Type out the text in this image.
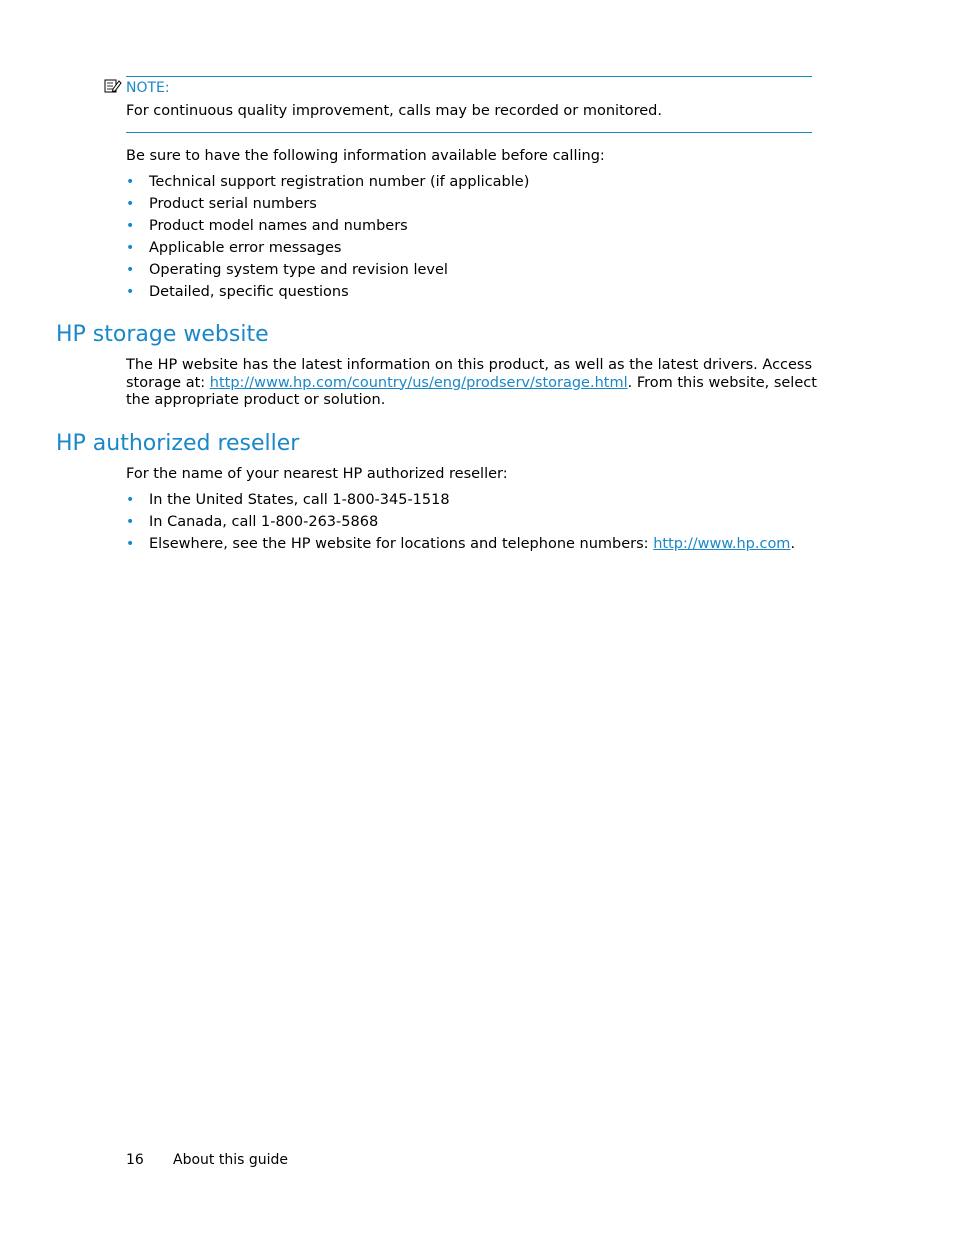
NOTE:
For continuous quality improvement, calls may be recorded or monitored.
Be sure to have the following information available before calling:
• Technical support registration number (if applicable)
• Product serial numbers
• Product model names and numbers
• Applicable error messages
• Operating system type and revision level
• Detailed, specific questions
HP storage website
The HP website has the latest information on this product, as well as the latest drivers. Access storage at: http://www.hp.com/country/us/eng/prodserv/storage.html. From this website, select the appropriate product or solution.
HP authorized reseller
For the name of your nearest HP authorized reseller:
• In the United States, call 1-800-345-1518
• In Canada, call 1-800-263-5868
• Elsewhere, see the HP website for locations and telephone numbers: http://www.hp.com.
16 About this guide
